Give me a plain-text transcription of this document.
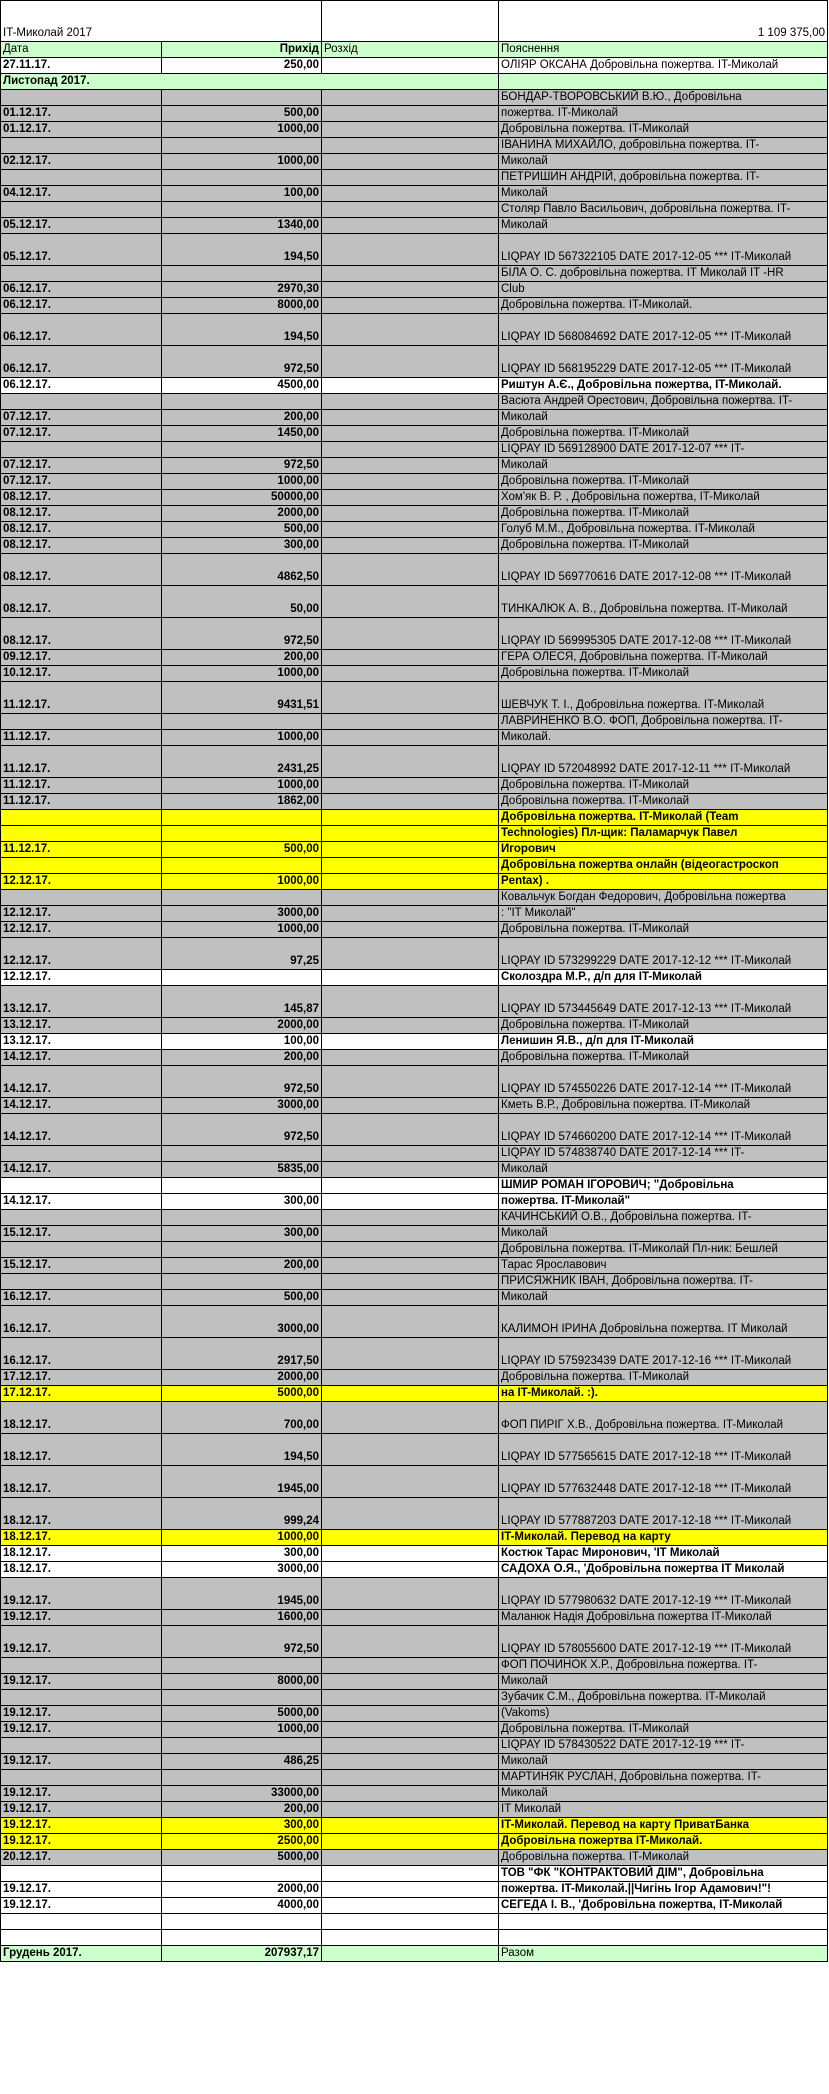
IT-Миколай 2017			1 109 375,00
Дата	Прихід	Розхід	Пояснення
27.11.17.	250,00		ОЛІЯР ОКСАНА Добровільна пожертва. IT-Миколай
Листопад 2017.			
			БОНДАР-ТВОРОВСЬКИЙ В.Ю., Добровільна
01.12.17.	500,00		пожертва. IT-Миколай
01.12.17.	1000,00		Добровільна пожертва. IT-Миколай
			ІВАНИНА МИХАЙЛО, добровільна пожертва. IT-
02.12.17.	1000,00		Миколай
			ПЕТРИШИН АНДРІЙ, добровільна пожертва. IT-
04.12.17.	100,00		Миколай
			Столяр Павло Васильович, добровільна пожертва. IT-
05.12.17.	1340,00		Миколай
05.12.17.	194,50		LIQPAY ID 567322105 DATE 2017-12-05 *** IT-Миколай
			БІЛА О. С. добровільна пожертва. IT Миколай IT -HR
06.12.17.	2970,30		Club
06.12.17.	8000,00		Добровільна пожертва. IT-Миколай.
06.12.17.	194,50		LIQPAY ID 568084692 DATE 2017-12-05 *** IT-Миколай
06.12.17.	972,50		LIQPAY ID 568195229 DATE 2017-12-05 *** IT-Миколай
06.12.17.	4500,00		Риштун А.Є., Добровільна пожертва, IT-Миколай.
			Васюта Андрей Орестович, Добровільна пожертва. IT-
07.12.17.	200,00		Миколай
07.12.17.	1450,00		Добровільна пожертва. IT-Миколай
			LIQPAY ID 569128900 DATE 2017-12-07 *** IT-
07.12.17.	972,50		Миколай
07.12.17.	1000,00		Добровільна пожертва. IT-Миколай
08.12.17.	50000,00		Хом'як В. Р. , Добровільна пожертва, IT-Миколай
08.12.17.	2000,00		Добровільна пожертва. IT-Миколай
08.12.17.	500,00		Голуб М.М., Добровільна пожертва. IT-Миколай
08.12.17.	300,00		Добровільна пожертва. IT-Миколай
08.12.17.	4862,50		LIQPAY ID 569770616 DATE 2017-12-08 *** IT-Миколай
08.12.17.	50,00		ТИНКАЛЮК А. В., Добровільна пожертва. IT-Миколай
08.12.17.	972,50		LIQPAY ID 569995305 DATE 2017-12-08 *** IT-Миколай
09.12.17.	200,00		ГЕРА ОЛЕСЯ, Добровільна пожертва. IT-Миколай
10.12.17.	1000,00		Добровільна пожертва. IT-Миколай
11.12.17.	9431,51		ШЕВЧУК Т. І., Добровільна пожертва. IT-Миколай
			ЛАВРИНЕНКО В.О. ФОП, Добровільна пожертва. IT-
11.12.17.	1000,00		Миколай.
11.12.17.	2431,25		LIQPAY ID 572048992 DATE 2017-12-11 *** IT-Миколай
11.12.17.	1000,00		Добровільна пожертва. IT-Миколай
11.12.17.	1862,00		Добровільна пожертва. IT-Миколай
			Добровільна пожертва. IT-Миколай (Team
			Technologies) Пл-щик: Паламарчук Павел
11.12.17.	500,00		Игорович
			Добровільна пожертва онлайн (відеогастроскоп
12.12.17.	1000,00		Pentax) .
			Ковальчук Богдан Федорович, Добровільна пожертва
12.12.17.	3000,00		: "IT Миколай"
12.12.17.	1000,00		Добровільна пожертва. IT-Миколай
12.12.17.	97,25		LIQPAY ID 573299229 DATE 2017-12-12 *** IT-Миколай
12.12.17.			Сколоздра М.Р., д/п для IT-Миколай
13.12.17.	145,87		LIQPAY ID 573445649 DATE 2017-12-13 *** IT-Миколай
13.12.17.	2000,00		Добровільна пожертва. IT-Миколай
13.12.17.	100,00		Ленишин Я.В., д/п для IT-Миколай
14.12.17.	200,00		Добровільна пожертва. IT-Миколай
14.12.17.	972,50		LIQPAY ID 574550226 DATE 2017-12-14 *** IT-Миколай
14.12.17.	3000,00		Кметь В.Р., Добровільна пожертва. IT-Миколай
14.12.17.	972,50		LIQPAY ID 574660200 DATE 2017-12-14 *** IT-Миколай
			LIQPAY ID 574838740 DATE 2017-12-14 *** IT-
14.12.17.	5835,00		Миколай
			ШМИР РОМАН ІГОРОВИЧ; "Добровільна
14.12.17.	300,00		пожертва. IT-Миколай"
			КАЧИНСЬКИЙ О.В., Добровільна пожертва. IT-
15.12.17.	300,00		Миколай
			Добровільна пожертва. IT-Миколай Пл-ник: Бешлей
15.12.17.	200,00		Тарас Ярославович
			ПРИСЯЖНИК ІВАН, Добровільна пожертва. IT-
16.12.17.	500,00		Миколай
16.12.17.	3000,00		КАЛИМОН ІРИНА Добровільна пожертва. IT Миколай
16.12.17.	2917,50		LIQPAY ID 575923439 DATE 2017-12-16 *** IT-Миколай
17.12.17.	2000,00		Добровільна пожертва. IT-Миколай
17.12.17.	5000,00		на IT-Миколай. :).
18.12.17.	700,00		ФОП ПИРІГ Х.В., Добровільна пожертва. IT-Миколай
18.12.17.	194,50		LIQPAY ID 577565615 DATE 2017-12-18 *** IT-Миколай
18.12.17.	1945,00		LIQPAY ID 577632448 DATE 2017-12-18 *** IT-Миколай
18.12.17.	999,24		LIQPAY ID 577887203 DATE 2017-12-18 *** IT-Миколай
18.12.17.	1000,00		IT-Миколай. Перевод на карту
18.12.17.	300,00		Костюк Тарас Миронович, 'IT Миколай
18.12.17.	3000,00		САДОХА О.Я., 'Добровільна пожертва IT Миколай
19.12.17.	1945,00		LIQPAY ID 577980632 DATE 2017-12-19 *** IT-Миколай
19.12.17.	1600,00		Маланюк Надія Добровільна пожертва IT-Миколай
19.12.17.	972,50		LIQPAY ID 578055600 DATE 2017-12-19 *** IT-Миколай
			ФОП ПОЧИНОК Х.Р., Добровільна пожертва. IT-
19.12.17.	8000,00		Миколай
			Зубачик С.М., Добровільна пожертва. IT-Миколай
19.12.17.	5000,00		(Vakoms)
19.12.17.	1000,00		Добровільна пожертва. IT-Миколай
			LIQPAY ID 578430522 DATE 2017-12-19 *** IT-
19.12.17.	486,25		Миколай
			МАРТИНЯК РУСЛАН, Добровільна пожертва. IT-
19.12.17.	33000,00		Миколай
19.12.17.	200,00		IT Миколай
19.12.17.	300,00		IT-Миколай. Перевод на карту ПриватБанка
19.12.17.	2500,00		Добровільна пожертва IT-Миколай.
20.12.17.	5000,00		Добровільна пожертва. IT-Миколай
			ТОВ "ФК "КОНТРАКТОВИЙ ДІМ", Добровільна
19.12.17.	2000,00		пожертва. IT-Миколай.||Чигінь Ігор Адамович!"!
19.12.17.	4000,00		СЕГЕДА І. В., 'Добровільна пожертва, IT-Миколай

Грудень 2017.	207937,17		Разом
